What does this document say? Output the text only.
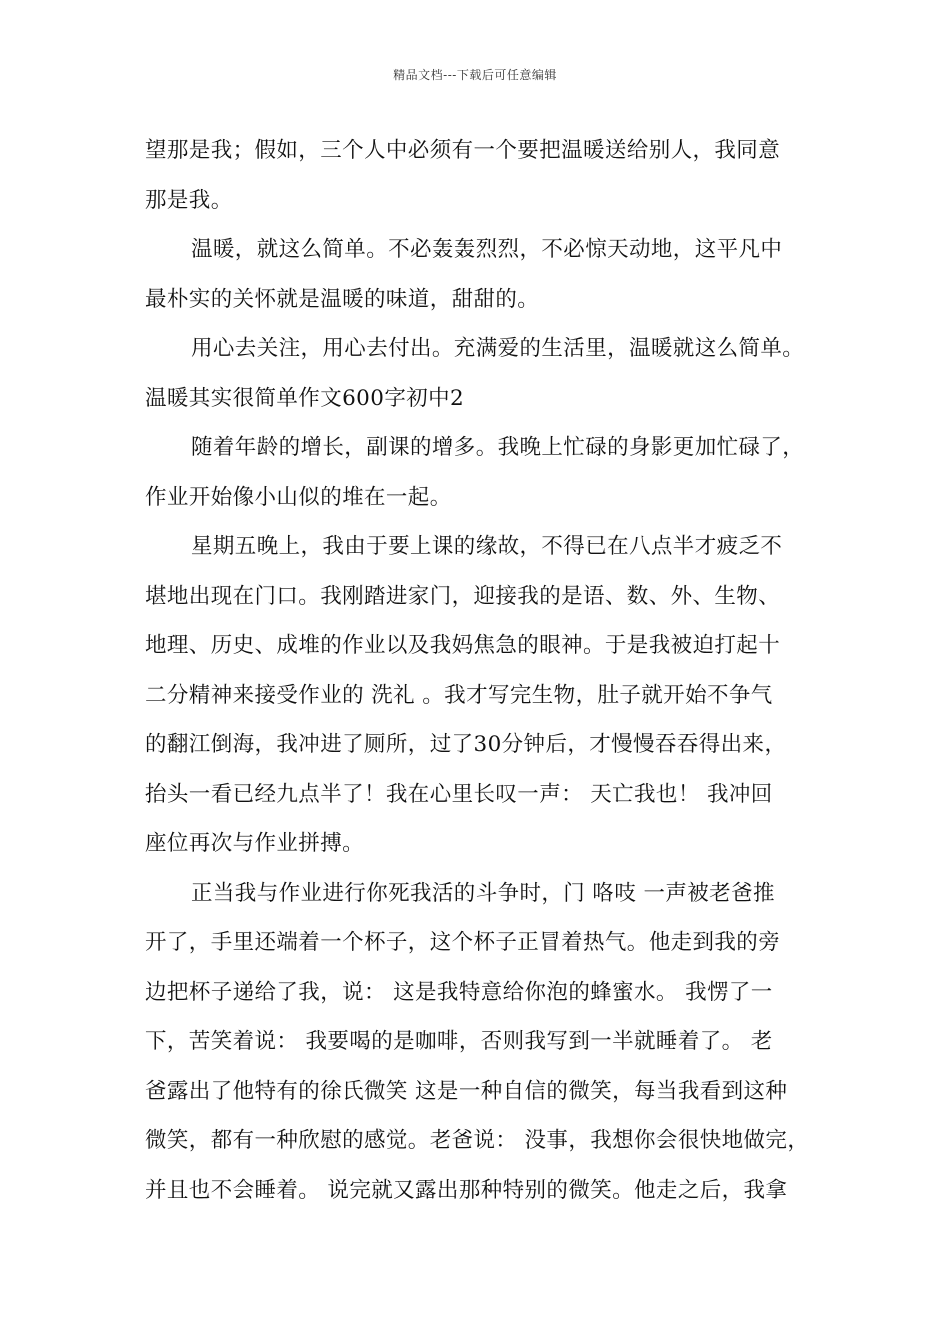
精品文档---下载后可任意编辑
望那是我；假如，三个人中必须有一个要把温暖送给别人，我同意
那是我。
温暖，就这么简单。不必轰轰烈烈，不必惊天动地，这平凡中
最朴实的关怀就是温暖的味道，甜甜的。
用心去关注，用心去付出。充满爱的生活里，温暖就这么简单。
温暖其实很简单作文600字初中2
随着年龄的增长，副课的增多。我晚上忙碌的身影更加忙碌了，
作业开始像小山似的堆在一起。
星期五晚上，我由于要上课的缘故，不得已在八点半才疲乏不
堪地出现在门口。我刚踏进家门，迎接我的是语、数、外、生物、
地理、历史、成堆的作业以及我妈焦急的眼神。于是我被迫打起十
二分精神来接受作业的 洗礼 。我才写完生物，肚子就开始不争气
的翻江倒海，我冲进了厕所，过了30分钟后，才慢慢吞吞得出来，
抬头一看已经九点半了！我在心里长叹一声： 天亡我也！ 我冲回
座位再次与作业拼搏。
正当我与作业进行你死我活的斗争时，门 咯吱 一声被老爸推
开了，手里还端着一个杯子，这个杯子正冒着热气。他走到我的旁
边把杯子递给了我，说： 这是我特意给你泡的蜂蜜水。 我愣了一
下，苦笑着说： 我要喝的是咖啡，否则我写到一半就睡着了。 老
爸露出了他特有的徐氏微笑 这是一种自信的微笑，每当我看到这种
微笑，都有一种欣慰的感觉。老爸说： 没事，我想你会很快地做完，
并且也不会睡着。 说完就又露出那种特别的微笑。他走之后，我拿
